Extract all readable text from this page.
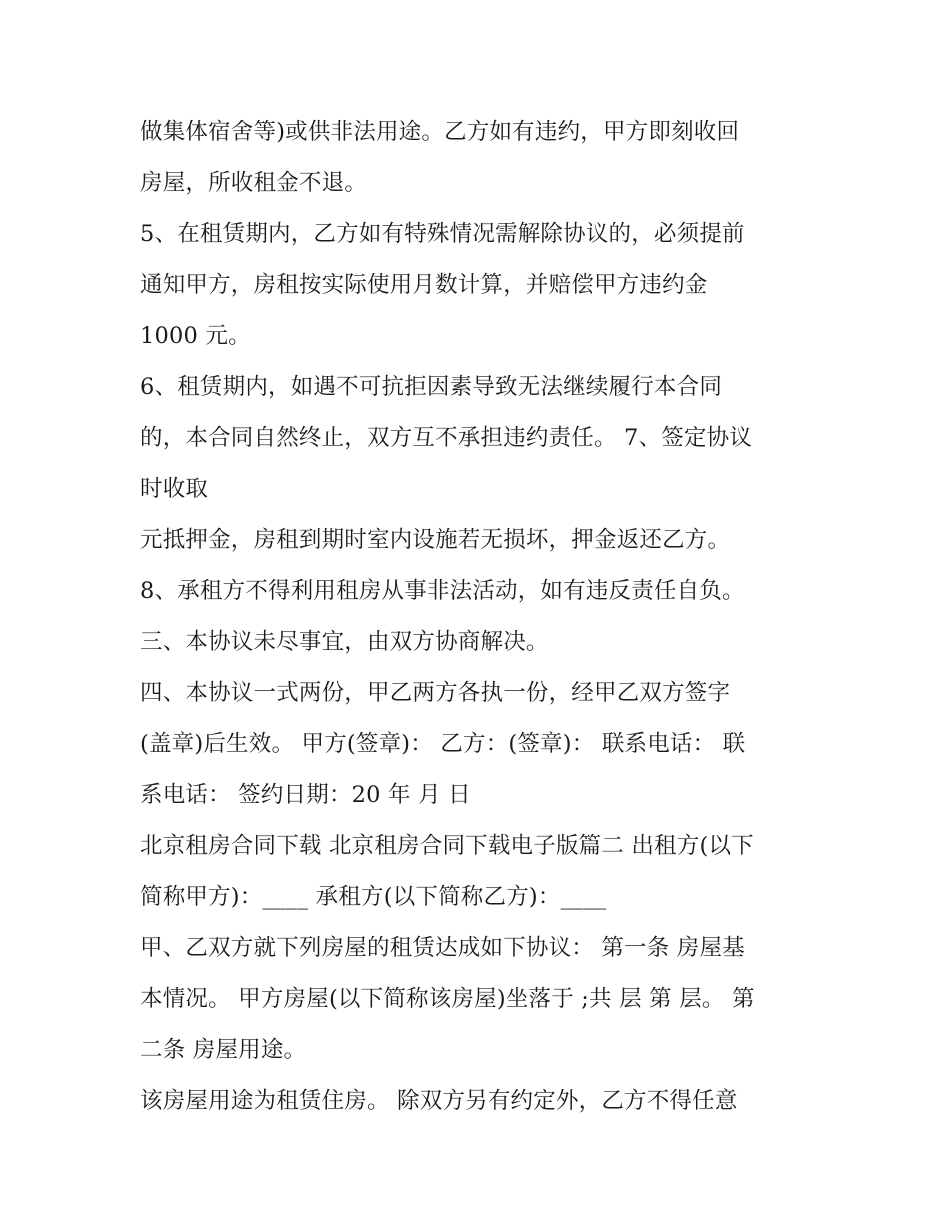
做集体宿舍等)或供非法用途。乙方如有违约，甲方即刻收回
房屋，所收租金不退。
5、在租赁期内，乙方如有特殊情况需解除协议的，必须提前
通知甲方，房租按实际使用月数计算，并赔偿甲方违约金
1000 元。
6、租赁期内，如遇不可抗拒因素导致无法继续履行本合同
的，本合同自然终止，双方互不承担违约责任。 7、签定协议
时收取
元抵押金，房租到期时室内设施若无损坏，押金返还乙方。
8、承租方不得利用租房从事非法活动，如有违反责任自负。
三、本协议未尽事宜，由双方协商解决。
四、本协议一式两份，甲乙两方各执一份，经甲乙双方签字
(盖章)后生效。 甲方(签章)： 乙方：(签章)： 联系电话： 联
系电话： 签约日期：20 年 月 日
北京租房合同下载 北京租房合同下载电子版篇二 出租方(以下
简称甲方)：____ 承租方(以下简称乙方)：____
甲、乙双方就下列房屋的租赁达成如下协议： 第一条 房屋基
本情况。 甲方房屋(以下简称该房屋)坐落于 ;共 层 第 层。 第
二条 房屋用途。
该房屋用途为租赁住房。 除双方另有约定外，乙方不得任意
